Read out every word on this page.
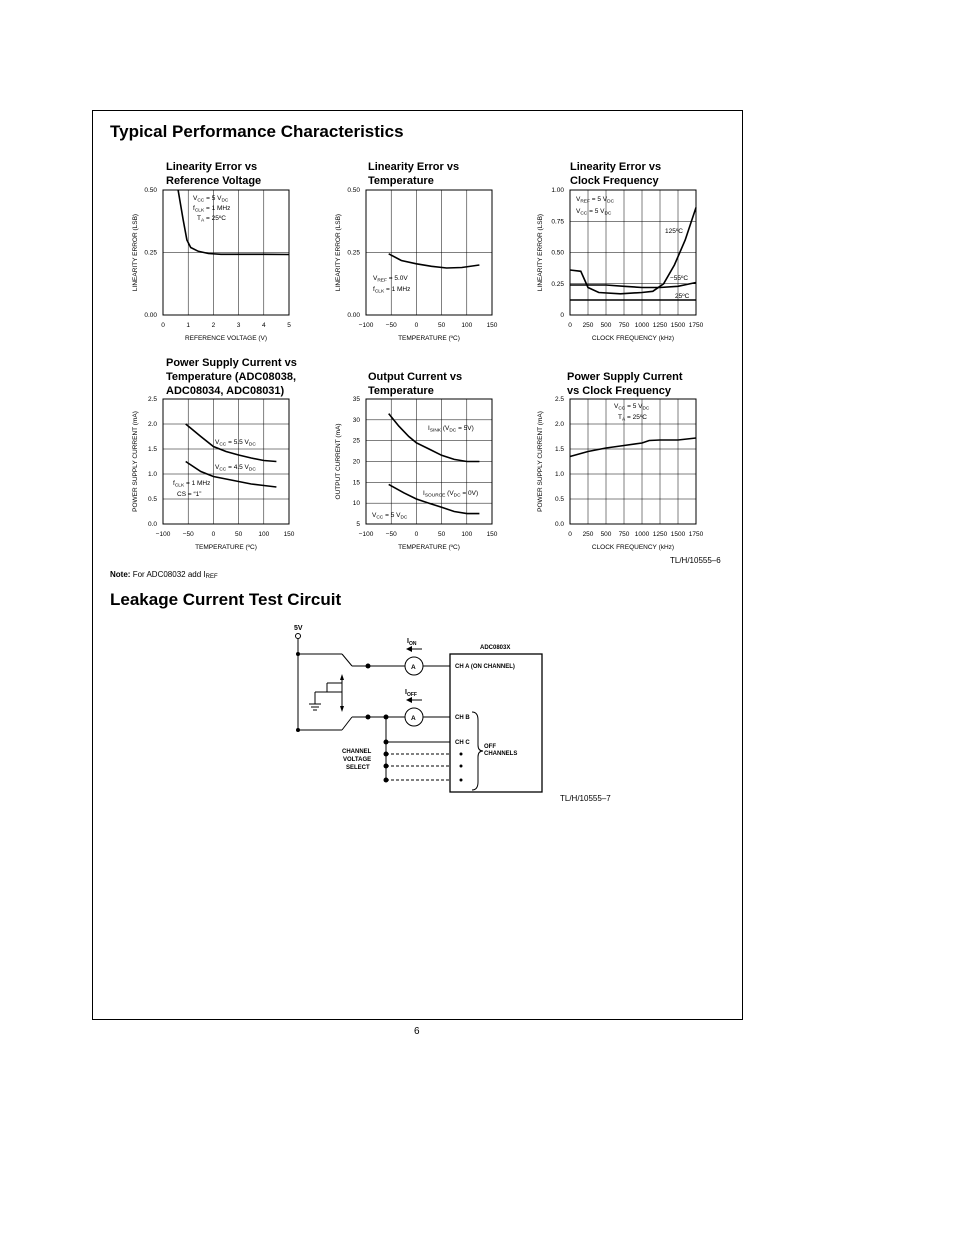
Typical Performance Characteristics
Linearity Error vs
Reference Voltage
Linearity Error vs
Temperature
Linearity Error vs
Clock Frequency
Power Supply Current vs
Temperature (ADC08038,
ADC08034, ADC08031)
Output Current vs
Temperature
Power Supply Current
vs Clock Frequency
0	1	2	3	4	5
0.00
0.25
0.50
REFERENCE VOLTAGE (V)
LINEARITY ERROR (LSB)
$V_{CC} = 5$ $V_{DC}$
$f_{CLK} = 1$ MHz
$T_A$ = 25ºC
−100 −50	0	50 100 150
0.00
0.25
0.50
TEMPERATURE (ºC)
LINEARITY ERROR (LSB)	$V_{REF} = 5.0V$
$f_{CLK} = 1$ MHz
0 250 500 750 1000 1250 1500 1750
0
0.25
0.50
0.75
1.00
CLOCK FREQUENCY (kHz)
LINEARITY ERROR (LSB)	125ºC
−55ºC
25ºC
$V_{REF} = 5$ $V_{DC}$
$V_{CC} = 5$ $V_{DC}$
−100 −50	0	50 100 150
0.0
0.5
1.0
1.5
2.0
2.5
TEMPERATURE (ºC)
POWER SUPPLY CURRENT (mA)	$V_{CC} = 5.5$ $V_{DC}$
$V_{CC} = 4.5$ $V_{DC}$
$f_{CLK} = 1$ MHz
CS = “1”
−100 −50	0	50 100 150
5
10
15
20
25
30
35
TEMPERATURE (ºC)
OUTPUT CURRENT (mA)	$I_{SINK}$ $(V_{DC} = 5V)$
$I_{SOURCE}$ $(V_{DC} = 0V)$
$V_{CC} = 5$ $V_{DC}$
0 250 500 750 1000 1250 1500 1750
0.0
0.5
1.0
1.5
2.0
2.5
CLOCK FREQUENCY (kHz)
POWER SUPPLY CURRENT (mA)
$V_{CC} = 5$ $V_{DC}$
$T_A$ = 25ºC
TL/H/10555–6
Note: For ADC08032 add IREF
Leakage Current Test Circuit
5V
$I_{ON}$
$I_{OFF}$
A
A
ADC0803X
CH A (ON CHANNEL)
CH B
CH C
OFF
CHANNELS
CHANNEL
VOLTAGE
SELECT
TL/H/10555–7
6
